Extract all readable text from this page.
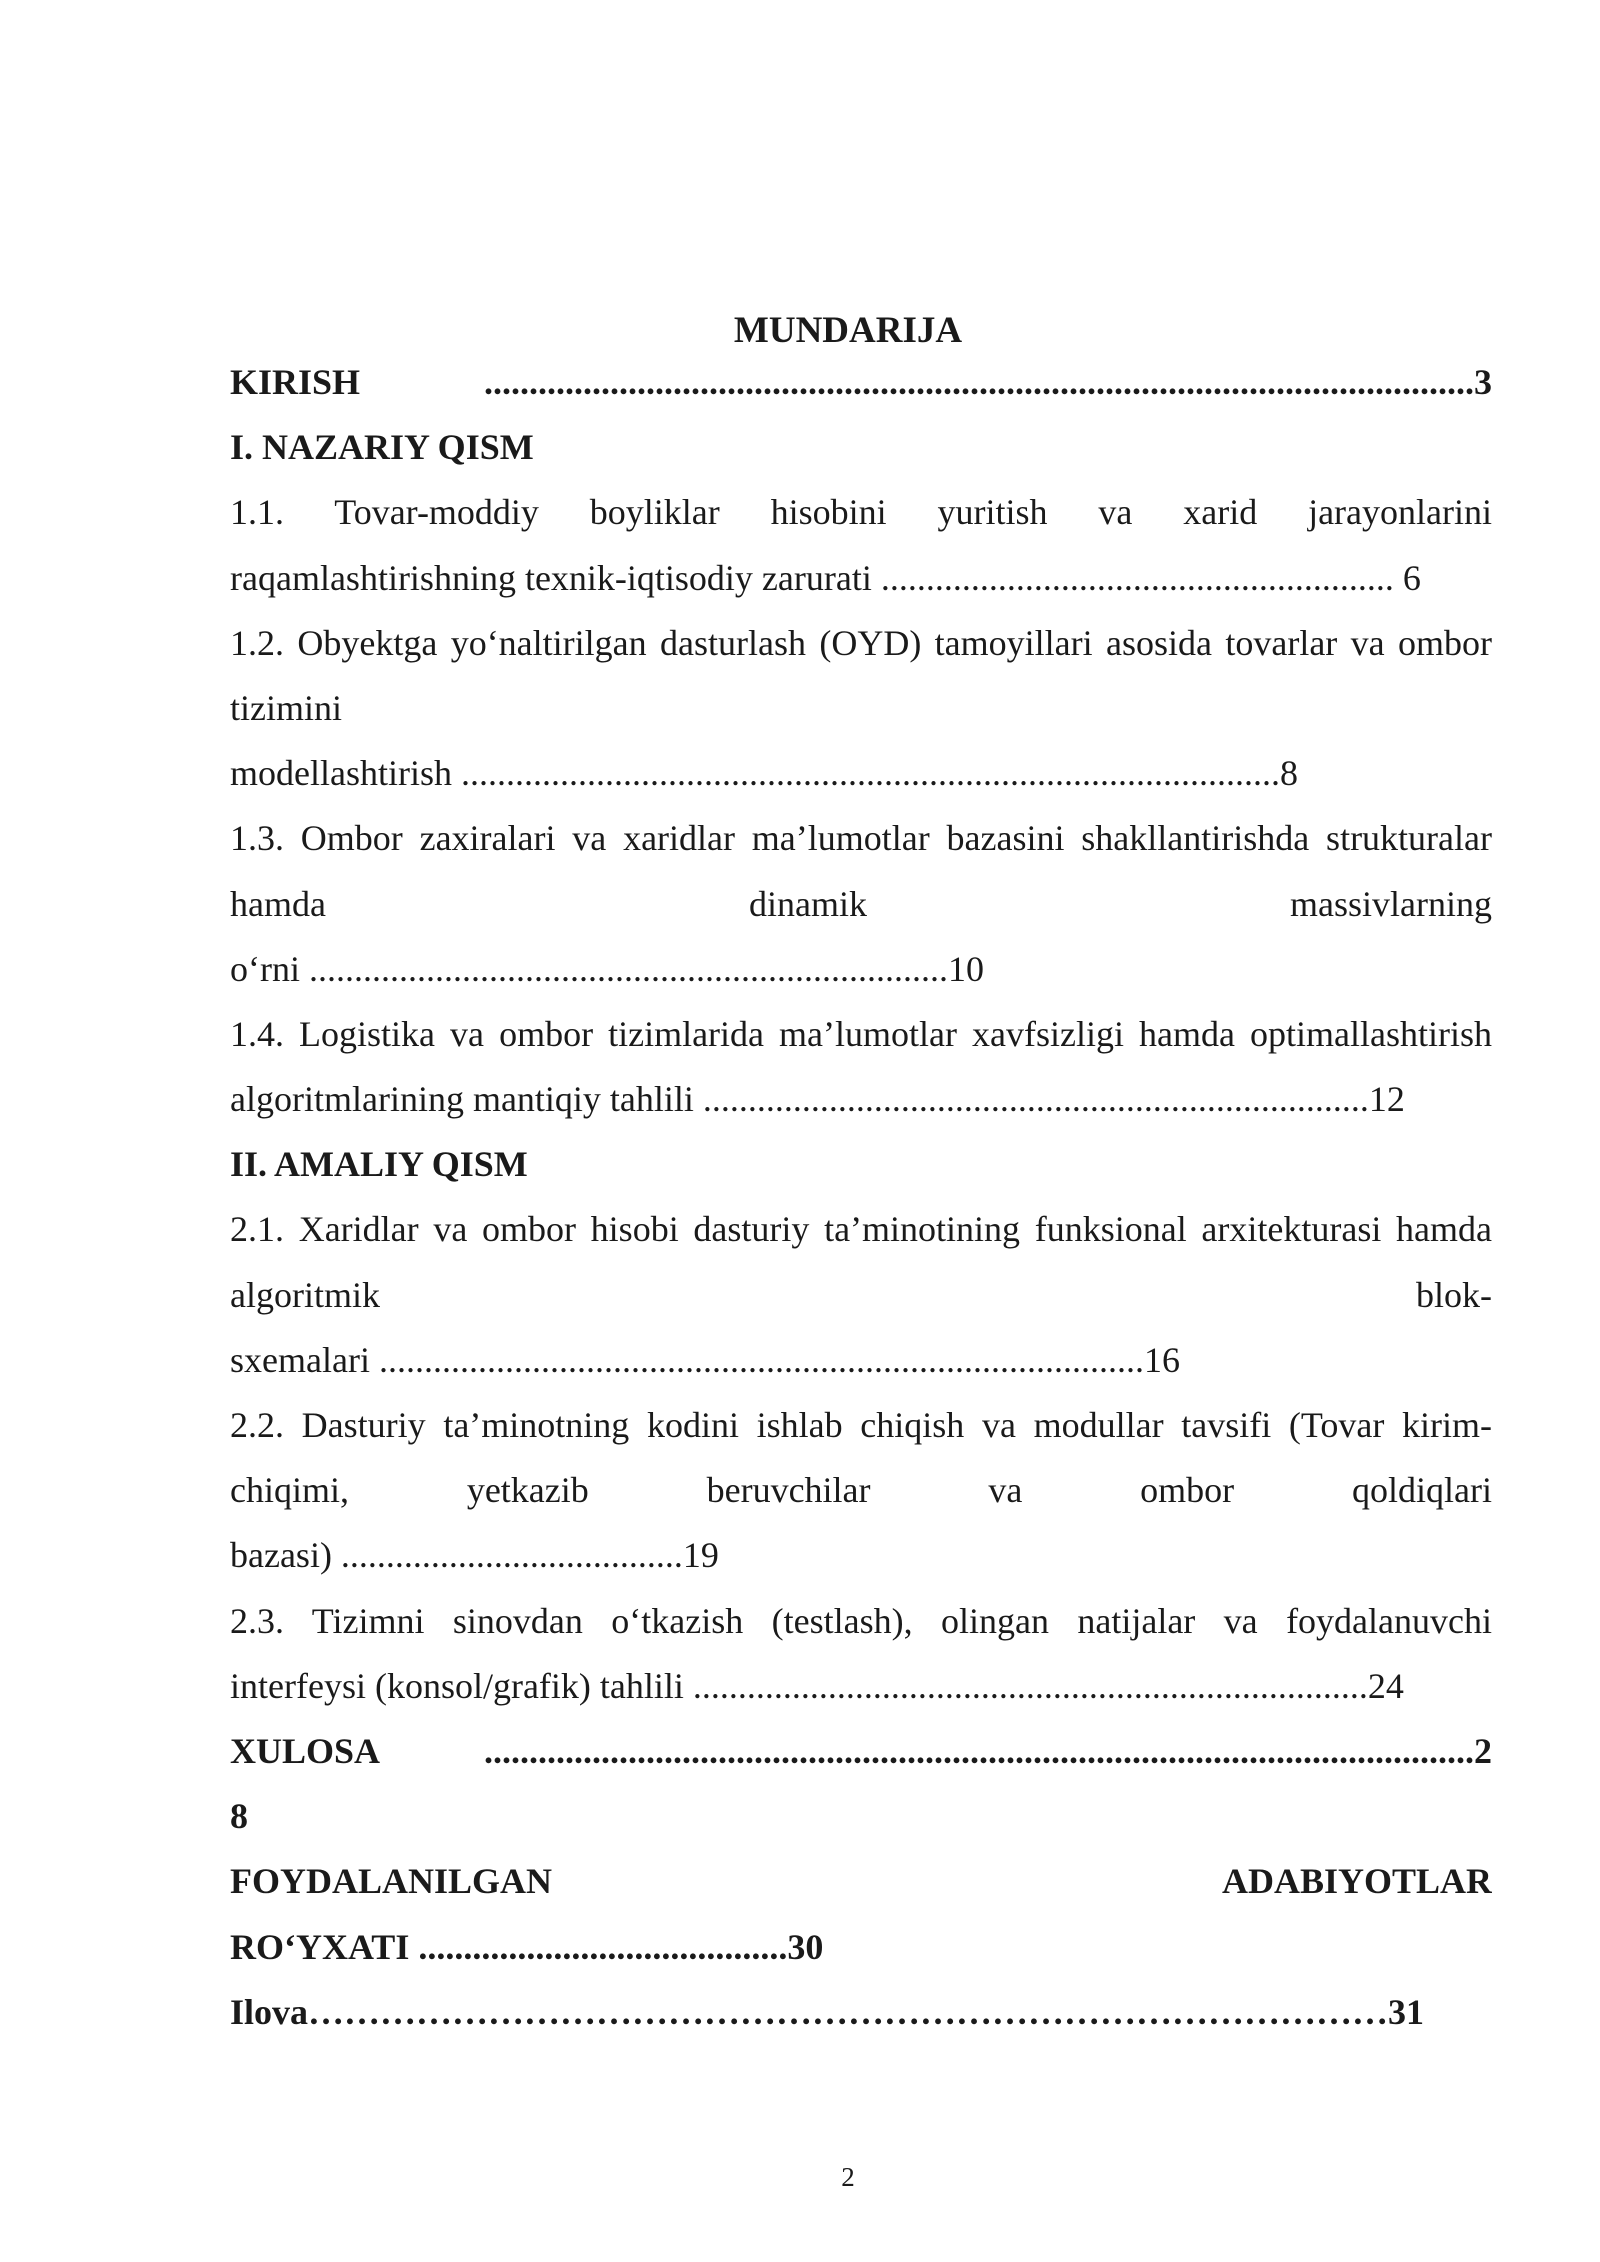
MUNDARIJA
KIRISH ..............................................................................................................3
I. NAZARIY QISM
1.1. Tovar-moddiy boyliklar hisobini yuritish va xarid jarayonlarini
raqamlashtirishning texnik-iqtisodiy zarurati ......................................................... 6
1.2. Obyektga yo‘naltirilgan dasturlash (OYD) tamoyillari asosida tovarlar va ombor
tizimini
modellashtirish ...........................................................................................8
1.3. Ombor zaxiralari va xaridlar ma’lumotlar bazasini shakllantirishda strukturalar
hamda dinamik massivlarning
o‘rni .......................................................................10
1.4. Logistika va ombor tizimlarida ma’lumotlar xavfsizligi hamda optimallashtirish
algoritmlarining mantiqiy tahlili ..........................................................................12
II. AMALIY QISM
2.1. Xaridlar va ombor hisobi dasturiy ta’minotining funksional arxitekturasi hamda
algoritmik blok-
sxemalari .....................................................................................16
2.2. Dasturiy ta’minotning kodini ishlab chiqish va modullar tavsifi (Tovar kirim-
chiqimi, yetkazib beruvchilar va ombor qoldiqlari
bazasi) ......................................19
2.3. Tizimni sinovdan o‘tkazish (testlash), olingan natijalar va foydalanuvchi
interfeysi (konsol/grafik) tahlili ...........................................................................24
XULOSA ..............................................................................................................2
8
FOYDALANILGAN ADABIYOTLAR
RO‘YXATI .........................................30
Ilova………………………………………………………………………………31
2
